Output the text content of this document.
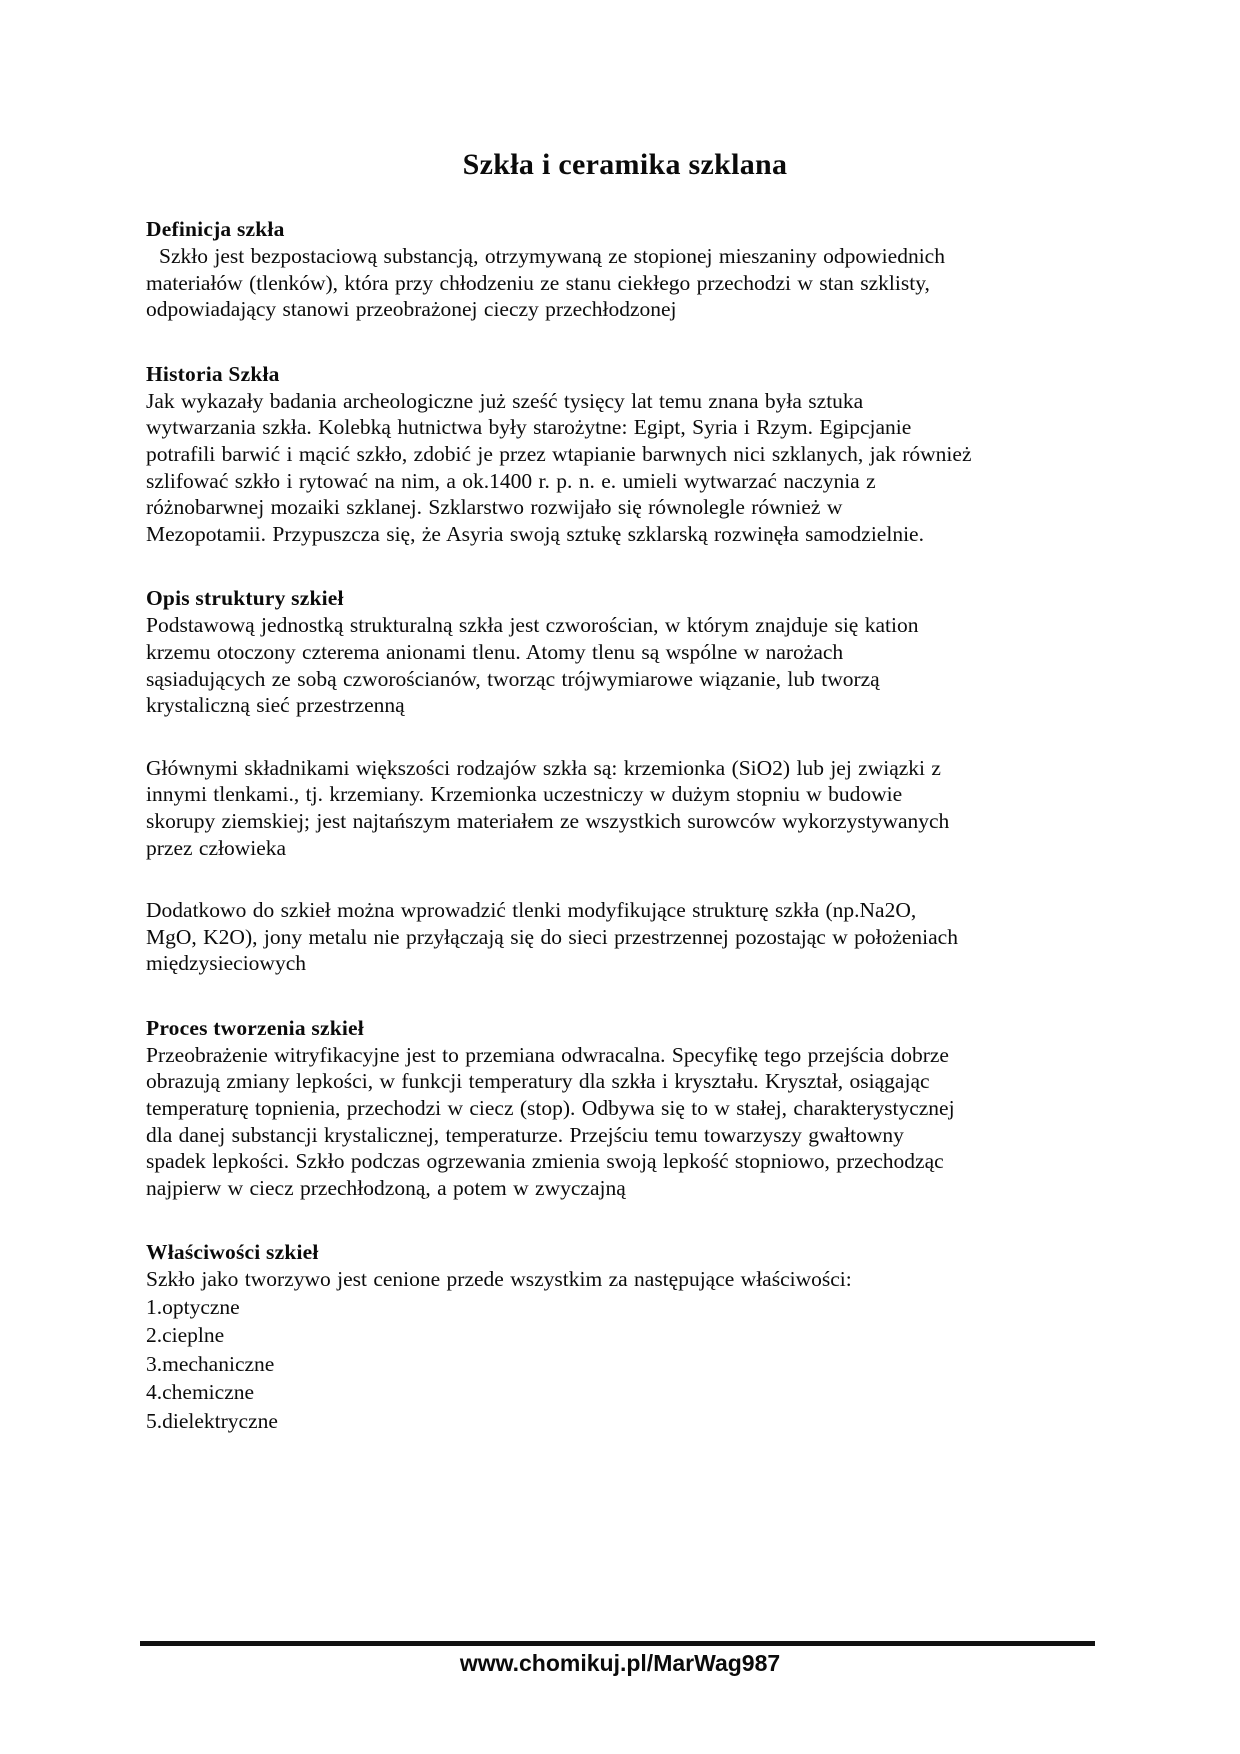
Szkła i ceramika szklana
Definicja szkła
Szkło jest bezpostaciową substancją, otrzymywaną ze stopionej mieszaniny odpowiednich
materiałów (tlenków), która przy chłodzeniu ze stanu ciekłego przechodzi w stan szklisty,
odpowiadający stanowi przeobrażonej cieczy przechłodzonej
Historia Szkła
Jak wykazały badania archeologiczne już sześć tysięcy lat temu znana była sztuka
wytwarzania szkła. Kolebką hutnictwa były starożytne: Egipt, Syria i Rzym. Egipcjanie
potrafili barwić i mącić szkło, zdobić je przez wtapianie barwnych nici szklanych, jak również
szlifować szkło i rytować na nim, a ok.1400 r. p. n. e. umieli wytwarzać naczynia z
różnobarwnej mozaiki szklanej. Szklarstwo rozwijało się równolegle również w
Mezopotamii. Przypuszcza się, że Asyria swoją sztukę szklarską rozwinęła samodzielnie.
Opis struktury szkieł
Podstawową jednostką strukturalną szkła jest czworościan, w którym znajduje się kation
krzemu otoczony czterema anionami tlenu. Atomy tlenu są wspólne w narożach
sąsiadujących ze sobą czworościanów, tworząc trójwymiarowe wiązanie, lub tworzą
krystaliczną sieć przestrzenną
Głównymi składnikami większości rodzajów szkła są: krzemionka (SiO2) lub jej związki z
innymi tlenkami., tj. krzemiany. Krzemionka uczestniczy w dużym stopniu w budowie
skorupy ziemskiej; jest najtańszym materiałem ze wszystkich surowców wykorzystywanych
przez człowieka
Dodatkowo do szkieł można wprowadzić tlenki modyfikujące strukturę szkła (np.Na2O,
MgO, K2O), jony metalu nie przyłączają się do sieci przestrzennej pozostając w położeniach
międzysieciowych
Proces tworzenia szkieł
Przeobrażenie witryfikacyjne jest to przemiana odwracalna. Specyfikę tego przejścia dobrze
obrazują zmiany lepkości, w funkcji temperatury dla szkła i kryształu. Kryształ, osiągając
temperaturę topnienia, przechodzi w ciecz (stop). Odbywa się to w stałej, charakterystycznej
dla danej substancji krystalicznej, temperaturze. Przejściu temu towarzyszy gwałtowny
spadek lepkości. Szkło podczas ogrzewania zmienia swoją lepkość stopniowo, przechodząc
najpierw w ciecz przechłodzoną, a potem w zwyczajną
Właściwości szkieł
Szkło jako tworzywo jest cenione przede wszystkim za następujące właściwości:
1.optyczne
2.cieplne
3.mechaniczne
4.chemiczne
5.dielektryczne
www.chomikuj.pl/MarWag987
